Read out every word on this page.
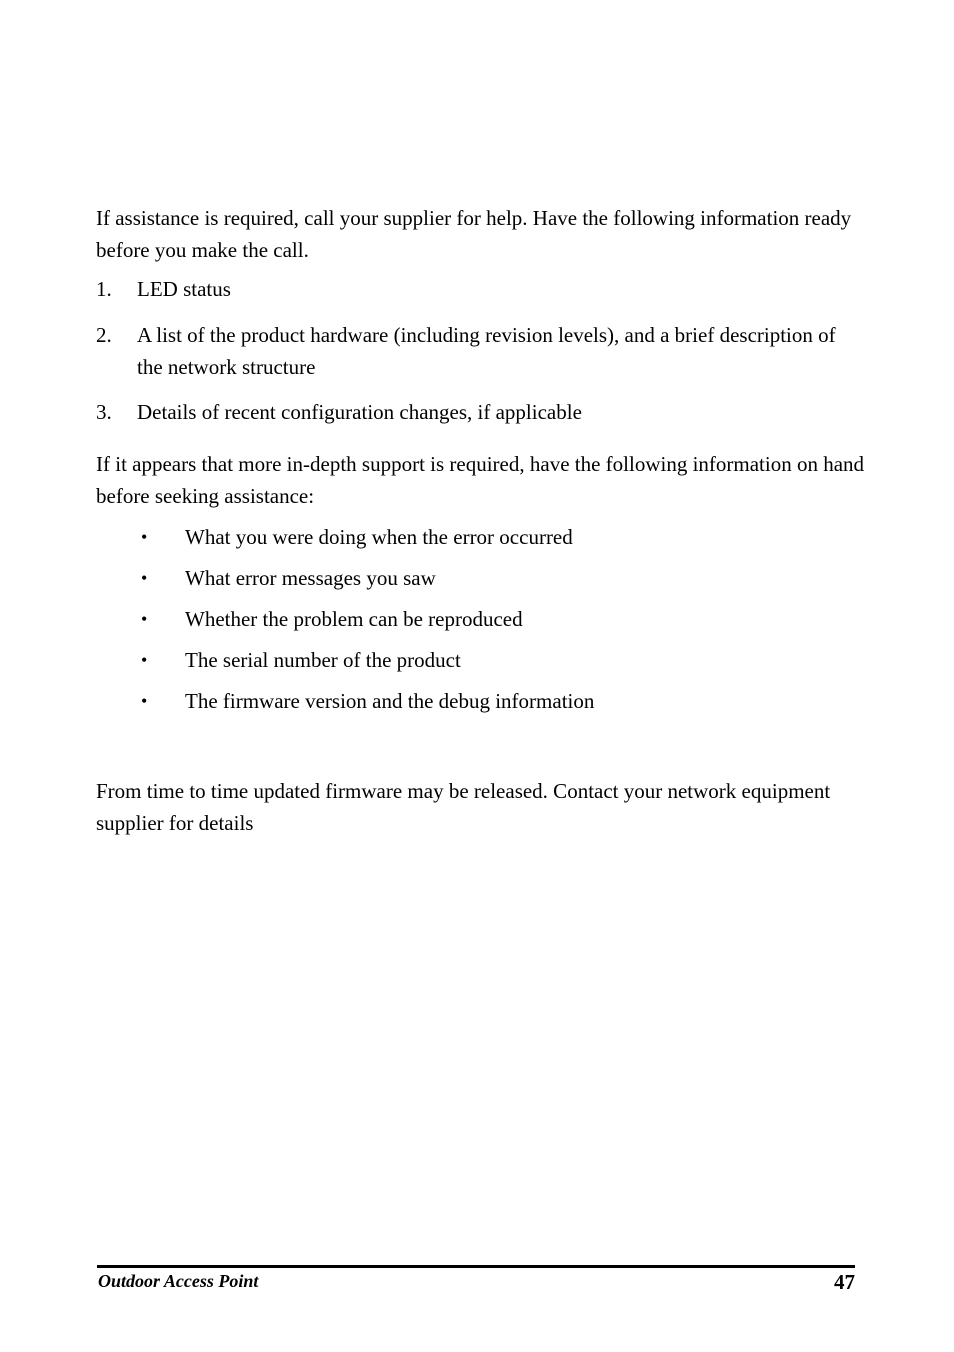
If assistance is required, call your supplier for help. Have the following information ready before you make the call.

1. LED status
2. A list of the product hardware (including revision levels), and a brief description of the network structure
3. Details of recent configuration changes, if applicable

If it appears that more in-depth support is required, have the following information on hand before seeking assistance:

• What you were doing when the error occurred
• What error messages you saw
• Whether the problem can be reproduced
• The serial number of the product
• The firmware version and the debug information

From time to time updated firmware may be released. Contact your network equipment supplier for details

Outdoor Access Point	47
